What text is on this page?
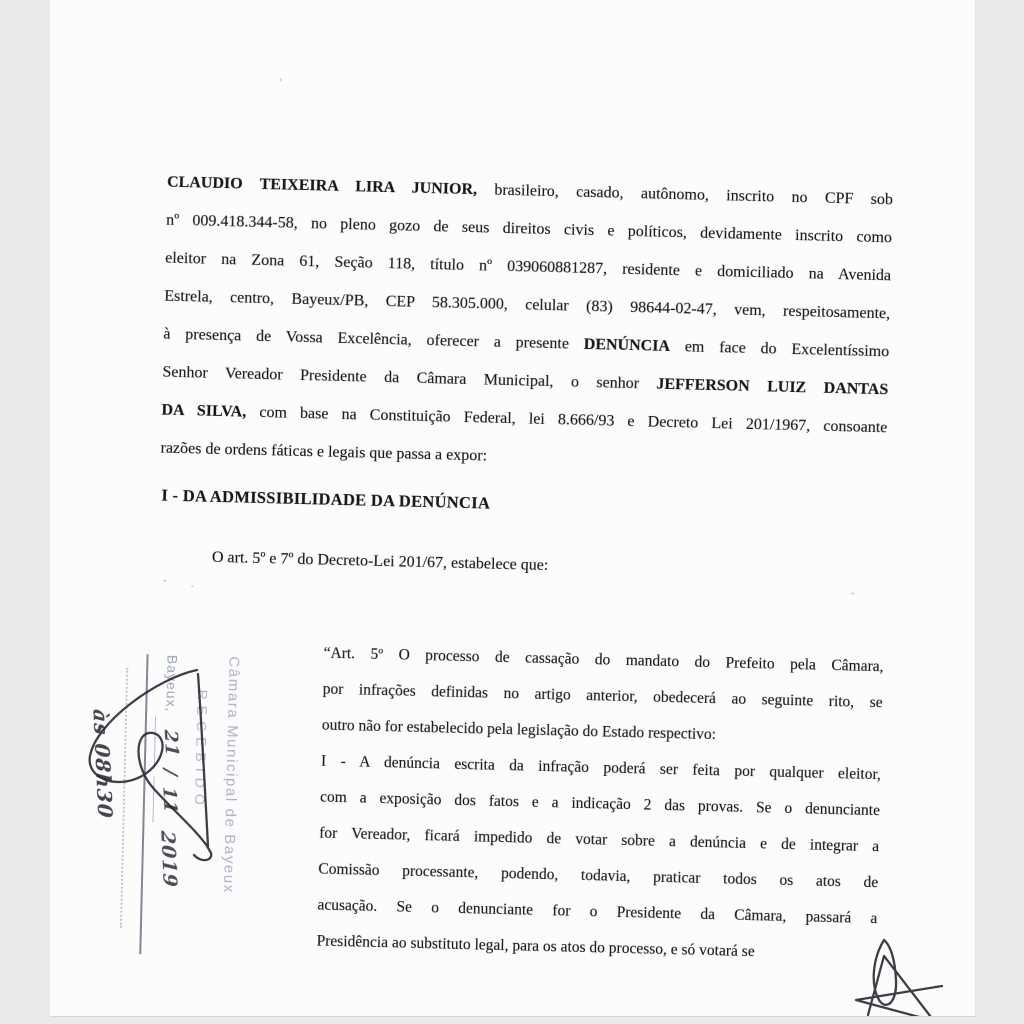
CLAUDIO TEIXEIRA LIRA JUNIOR, brasileiro, casado, autônomo, inscrito no CPF sob
nº 009.418.344-58, no pleno gozo de seus direitos civis e políticos, devidamente inscrito como
eleitor na Zona 61, Seção 118, título nº 039060881287, residente e domiciliado na Avenida
Estrela, centro, Bayeux/PB, CEP 58.305.000, celular (83) 98644-02-47, vem, respeitosamente,
à presença de Vossa Excelência, oferecer a presente DENÚNCIA em face do Excelentíssimo
Senhor Vereador Presidente da Câmara Municipal, o senhor JEFFERSON LUIZ DANTAS
DA SILVA, com base na Constituição Federal, lei 8.666/93 e Decreto Lei 201/1967, consoante
razões de ordens fáticas e legais que passa a expor:
I - DA ADMISSIBILIDADE DA DENÚNCIA
O art. 5º e 7º do Decreto-Lei 201/67, estabelece que:
“Art. 5º O processo de cassação do mandato do Prefeito pela Câmara,
por infrações definidas no artigo anterior, obedecerá ao seguinte rito, se
outro não for estabelecido pela legislação do Estado respectivo:
I - A denúncia escrita da infração poderá ser feita por qualquer eleitor,
com a exposição dos fatos e a indicação 2 das provas. Se o denunciante
for Vereador, ficará impedido de votar sobre a denúncia e de integrar a
Comissão processante, podendo, todavia, praticar todos os atos de
acusação. Se o denunciante for o Presidente da Câmara, passará a
Presidência ao substituto legal, para os atos do processo, e só votará se
Câmara Municipal de Bayeux
RECEBIDO
Bayeux, 21/112019
às 08h30
